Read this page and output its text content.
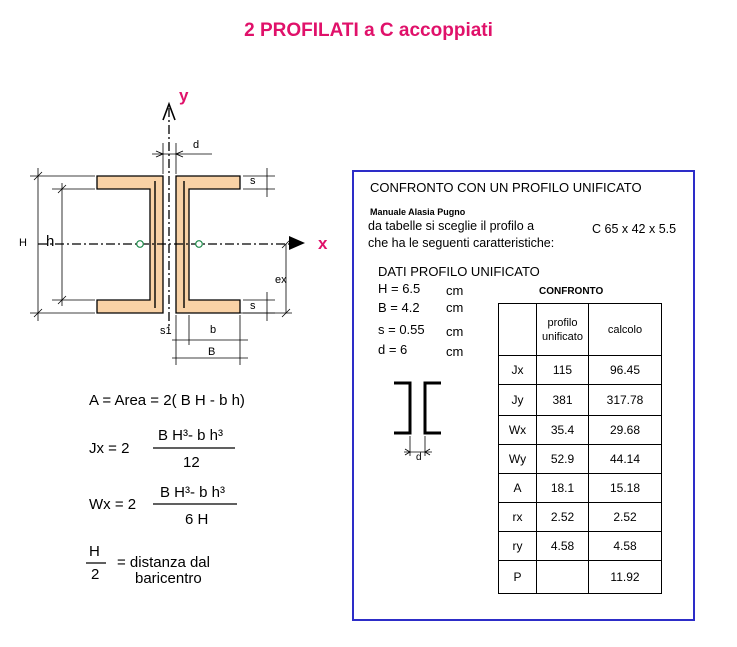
2 PROFILATI a C accoppiati
y
x
H h
d
s
s
ex
s1	b
B
A = Area = 2( B H - b h)
Jx = 2
B H³- b h³
12
Wx = 2
B H³- b h³
6 H
H
2
= distanza dal
baricentro
CONFRONTO CON UN PROFILO UNIFICATO
Manuale Alasia Pugno
da tabelle si sceglie il profilo a	C 65 x 42 x 5.5
che ha le seguenti caratteristiche:
DATI PROFILO UNIFICATO
H = 6.5 cm
B = 4.2 cm
s = 0.55 cm
d = 6	cm
d
CONFRONTO
	profilo unificato	calcolo
Jx	115	96.45
Jy	381	317.78
Wx	35.4	29.68
Wy	52.9	44.14
A	18.1	15.18
rx	2.52	2.52
ry	4.58	4.58
P		11.92
